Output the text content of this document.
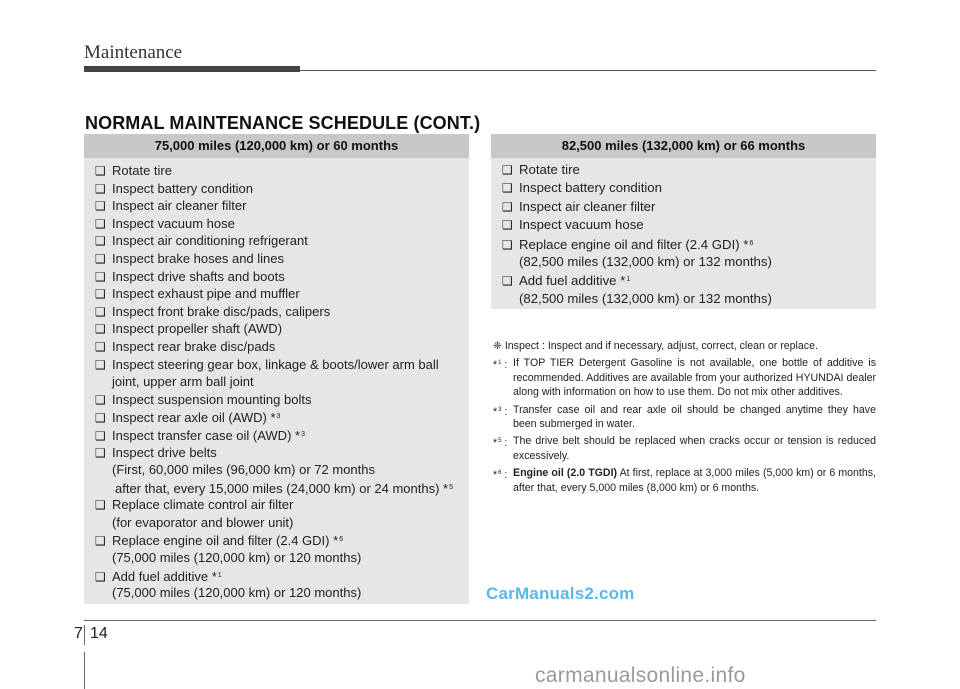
Maintenance
NORMAL MAINTENANCE SCHEDULE (CONT.)
75,000 miles (120,000 km) or 60 months
❑ Rotate tire
❑ Inspect battery condition
❑ Inspect air cleaner filter
❑ Inspect vacuum hose
❑ Inspect air conditioning refrigerant
❑ Inspect brake hoses and lines
❑ Inspect drive shafts and boots
❑ Inspect exhaust pipe and muffler
❑ Inspect front brake disc/pads, calipers
❑ Inspect propeller shaft (AWD)
❑ Inspect rear brake disc/pads
❑ Inspect steering gear box, linkage & boots/lower arm ball
joint, upper arm ball joint
❑ Inspect suspension mounting bolts
❑ Inspect rear axle oil (AWD) *$^3$
❑ Inspect transfer case oil (AWD) *$^3$
❑ Inspect drive belts
(First, 60,000 miles (96,000 km) or 72 months
after that, every 15,000 miles (24,000 km) or 24 months) *$^5$
❑ Replace climate control air filter
(for evaporator and blower unit)
❑ Replace engine oil and filter (2.4 GDI) *$^6$
(75,000 miles (120,000 km) or 120 months)
❑ Add fuel additive *$^1$
(75,000 miles (120,000 km) or 120 months)
82,500 miles (132,000 km) or 66 months
❑ Rotate tire
❑ Inspect battery condition
❑ Inspect air cleaner filter
❑ Inspect vacuum hose
❑ Replace engine oil and filter (2.4 GDI) *$^6$
(82,500 miles (132,000 km) or 132 months)
❑ Add fuel additive *$^1$
(82,500 miles (132,000 km) or 132 months)
❈ Inspect : Inspect and if necessary, adjust, correct, clean or replace.
*$^1$ : If TOP TIER Detergent Gasoline is not available, one bottle of additive is recommended. Additives are available from your authorized HYUNDAI dealer along with information on how to use them. Do not mix other additives.
*$^3$ : Transfer case oil and rear axle oil should be changed anytime they have been submerged in water.
*$^5$ : The drive belt should be replaced when cracks occur or tension is reduced excessively.
*$^6$ : Engine oil (2.0 TGDI) At first, replace at 3,000 miles (5,000 km) or 6 months, after that, every 5,000 miles (8,000 km) or 6 months.
CarManuals2.com
7 14
carmanualsonline.info
